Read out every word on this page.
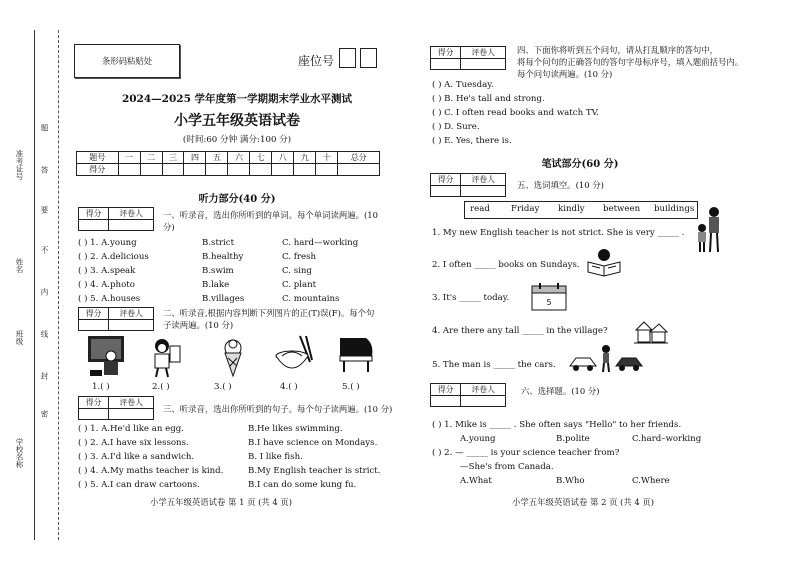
准考证号
姓名
班级
学校名称
题
答
要
不
内
线
封
密
条形码粘贴处	座位号
2024—2025 学年度第一学期期末学业水平测试
小学五年级英语试卷
(时间:60 分钟 满分:100 分)
题号	一	二	三	四	五	六	七	八	九	十	总分
得分											
听力部分(40 分)
得分	评卷人
	一、听录音，选出你所听到的单词。每个单词读两遍。(10 分)
( ) 1. A.young	B.strict	C. hard—working
( ) 2. A.delicious	B.healthy	C. fresh
( ) 3. A.speak	B.swim	C. sing
( ) 4. A.photo	B.lake	C. plant
( ) 5. A.houses	B.villages	C. mountains
得分	评卷人
	二、听录音,根据内容判断下列图片的正(T)误(F)。每个句子读两遍。(10 分)
1.( )	2.( )	3.( )	4.( )	5.( )
得分	评卷人

三、听录音，选出你所听到的句子。每个句子读两遍。(10 分)
( ) 1. A.He'd like an egg.	B.He likes swimming.
( ) 2. A.I have six lessons.	B.I have science on Mondays.
( ) 3. A.I'd like a sandwich.	B. I like fish.
( ) 4. A.My maths teacher is kind.	B.My English teacher is strict.
( ) 5. A.I can draw cartoons.	B.I can do some kung fu.
小学五年级英语试卷 第 1 页 (共 4 页)
得分	评卷人
		四、下面你将听到五个问句，请从打乱顺序的答句中，
将每个问句的正确答句的答句字母标序号，填入题前括号内。
每个问句读两遍。(10 分)
( ) A. Tuesday.
( ) B. He's tall and strong.
( ) C. I often read books and watch TV.
( ) D. Sure.
( ) E. Yes, there is.
笔试部分(60 分)
得分	评卷人

五、选词填空。(10 分)
read Friday kindly between buildings
1. My new English teacher is not strict. She is very _____ .
2. I often _____ books on Sundays.
3. It's _____ today.
4. Are there any tall _____ in the village?
5. The man is _____ the cars.
5
得分	评卷人
		六、选择题。(10 分)
( ) 1. Mike is _____ . She often says "Hello" to her friends.
A.young	B.polite	C.hard–working
( ) 2. — _____ is your science teacher from?
—She's from Canada.
A.What	B.Who	C.Where
小学五年级英语试卷 第 2 页 (共 4 页)
